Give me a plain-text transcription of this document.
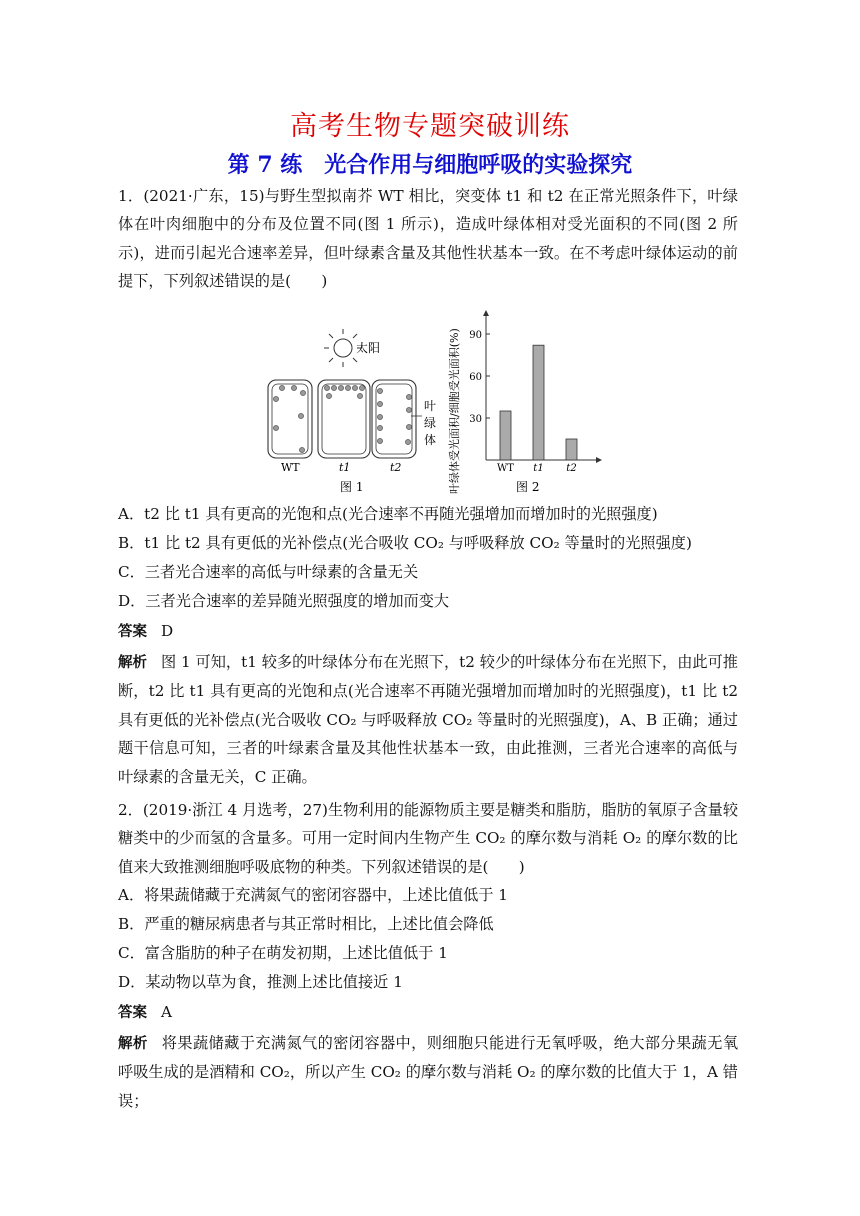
高考生物专题突破训练
第 7 练　光合作用与细胞呼吸的实验探究
1．(2021·广东，15)与野生型拟南芥 WT 相比，突变体 t1 和 t2 在正常光照条件下，叶绿体在叶肉细胞中的分布及位置不同(图 1 所示)，造成叶绿体相对受光面积的不同(图 2 所示)，进而引起光合速率差异，但叶绿素含量及其他性状基本一致。在不考虑叶绿体运动的前提下，下列叙述错误的是(　　)
太阳
叶
绿
体
WT	t1	t2
图 1
30
60
90
WT t1 t2
叶绿体受光面积/细胞受光面积(%)	图 2
A．t2 比 t1 具有更高的光饱和点(光合速率不再随光强增加而增加时的光照强度)
B．t1 比 t2 具有更低的光补偿点(光合吸收 CO₂ 与呼吸释放 CO₂ 等量时的光照强度)
C．三者光合速率的高低与叶绿素的含量无关
D．三者光合速率的差异随光照强度的增加而变大
答案 D
解析 图 1 可知，t1 较多的叶绿体分布在光照下，t2 较少的叶绿体分布在光照下，由此可推断，t2 比 t1 具有更高的光饱和点(光合速率不再随光强增加而增加时的光照强度)，t1 比 t2 具有更低的光补偿点(光合吸收 CO₂ 与呼吸释放 CO₂ 等量时的光照强度)，A、B 正确；通过题干信息可知，三者的叶绿素含量及其他性状基本一致，由此推测，三者光合速率的高低与叶绿素的含量无关，C 正确。
2．(2019·浙江 4 月选考，27)生物利用的能源物质主要是糖类和脂肪，脂肪的氧原子含量较糖类中的少而氢的含量多。可用一定时间内生物产生 CO₂ 的摩尔数与消耗 O₂ 的摩尔数的比值来大致推测细胞呼吸底物的种类。下列叙述错误的是(　　)
A．将果蔬储藏于充满氮气的密闭容器中，上述比值低于 1
B．严重的糖尿病患者与其正常时相比，上述比值会降低
C．富含脂肪的种子在萌发初期，上述比值低于 1
D．某动物以草为食，推测上述比值接近 1
答案 A
解析 将果蔬储藏于充满氮气的密闭容器中，则细胞只能进行无氧呼吸，绝大部分果蔬无氧呼吸生成的是酒精和 CO₂，所以产生 CO₂ 的摩尔数与消耗 O₂ 的摩尔数的比值大于 1，A 错误；
